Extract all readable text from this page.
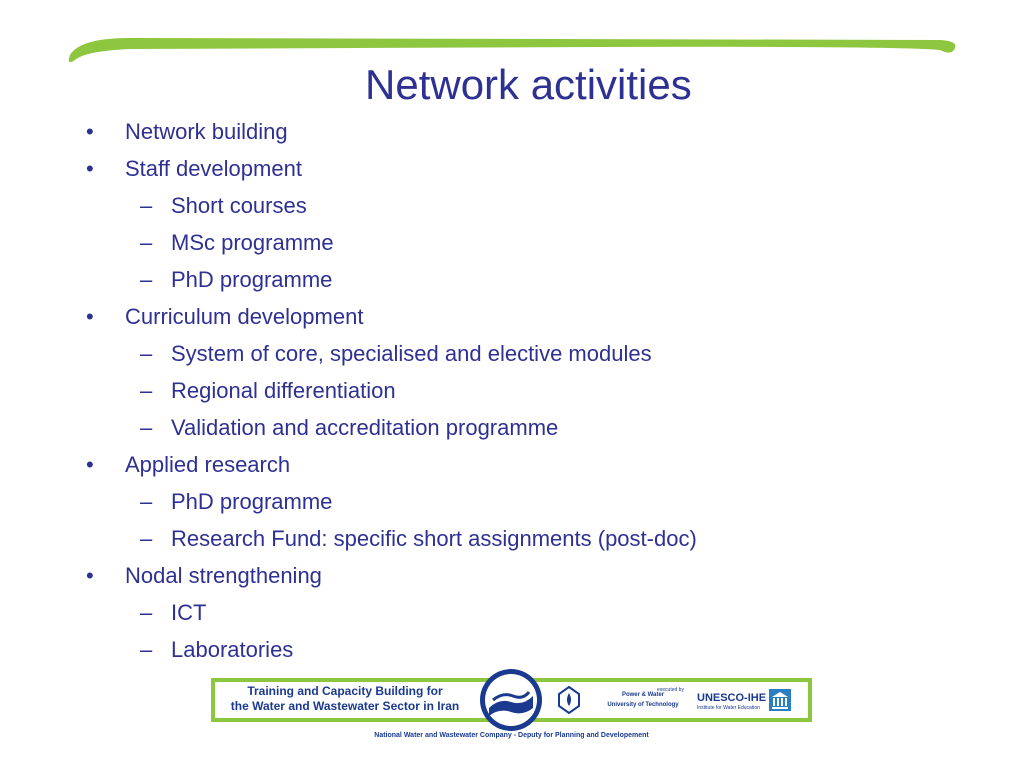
Network activities
• Network building
• Staff development
– Short courses
– MSc programme
– PhD programme
• Curriculum development
– System of core, specialised and elective modules
– Regional differentiation
– Validation and accreditation programme
• Applied research
– PhD programme
– Research Fund: specific short assignments (post-doc)
• Nodal strengthening
– ICT
– Laboratories
Training and Capacity Building for
the Water and Wastewater Sector in Iran
Power & Water
University of Technology
executed by
UNESCO-IHE
Institute for Water Education
National Water and Wastewater Company - Deputy for Planning and Developement
